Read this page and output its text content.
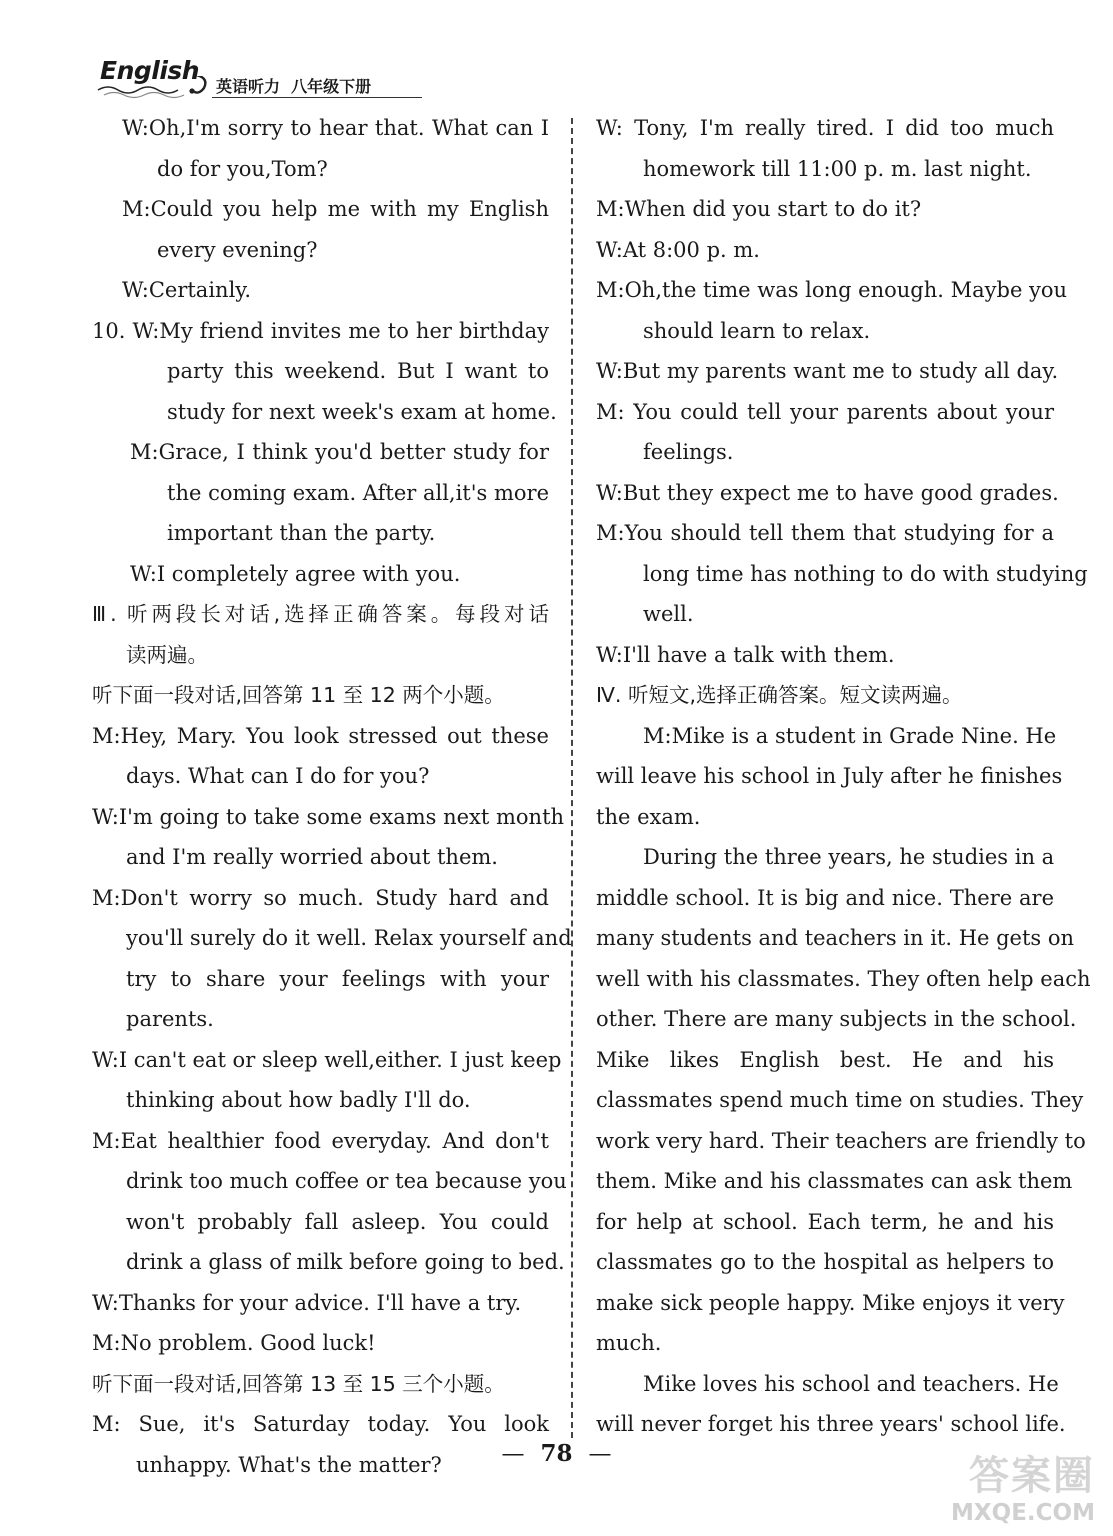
English
英语听力 八年级下册
W:Oh,I'm sorry to hear that. What can I
do for you,Tom?
M:Could you help me with my English
every evening?
W:Certainly.
10. W:My friend invites me to her birthday
party this weekend. But I want to
study for next week's exam at home.
M:Grace, I think you'd better study for
the coming exam. After all,it's more
important than the party.
W:I completely agree with you.
Ⅲ. 听两段长对话,选择正确答案。每段对话
读两遍。
听下面一段对话,回答第 11 至 12 两个小题。
M:Hey, Mary. You look stressed out these
days. What can I do for you?
W:I'm going to take some exams next month
and I'm really worried about them.
M:Don't worry so much. Study hard and
you'll surely do it well. Relax yourself and
try to share your feelings with your
parents.
W:I can't eat or sleep well,either. I just keep
thinking about how badly I'll do.
M:Eat healthier food everyday. And don't
drink too much coffee or tea because you
won't probably fall asleep. You could
drink a glass of milk before going to bed.
W:Thanks for your advice. I'll have a try.
M:No problem. Good luck!
听下面一段对话,回答第 13 至 15 三个小题。
M: Sue, it's Saturday today. You look
unhappy. What's the matter?
W: Tony, I'm really tired. I did too much
homework till 11:00 p. m. last night.
M:When did you start to do it?
W:At 8:00 p. m.
M:Oh,the time was long enough. Maybe you
should learn to relax.
W:But my parents want me to study all day.
M: You could tell your parents about your
feelings.
W:But they expect me to have good grades.
M:You should tell them that studying for a
long time has nothing to do with studying
well.
W:I'll have a talk with them.
Ⅳ. 听短文,选择正确答案。短文读两遍。
M:Mike is a student in Grade Nine. He
will leave his school in July after he finishes
the exam.
During the three years, he studies in a
middle school. It is big and nice. There are
many students and teachers in it. He gets on
well with his classmates. They often help each
other. There are many subjects in the school.
Mike likes English best. He and his
classmates spend much time on studies. They
work very hard. Their teachers are friendly to
them. Mike and his classmates can ask them
for help at school. Each term, he and his
classmates go to the hospital as helpers to
make sick people happy. Mike enjoys it very
much.
Mike loves his school and teachers. He
will never forget his three years' school life.
— 78 —	答案圈
MXQE.COM
